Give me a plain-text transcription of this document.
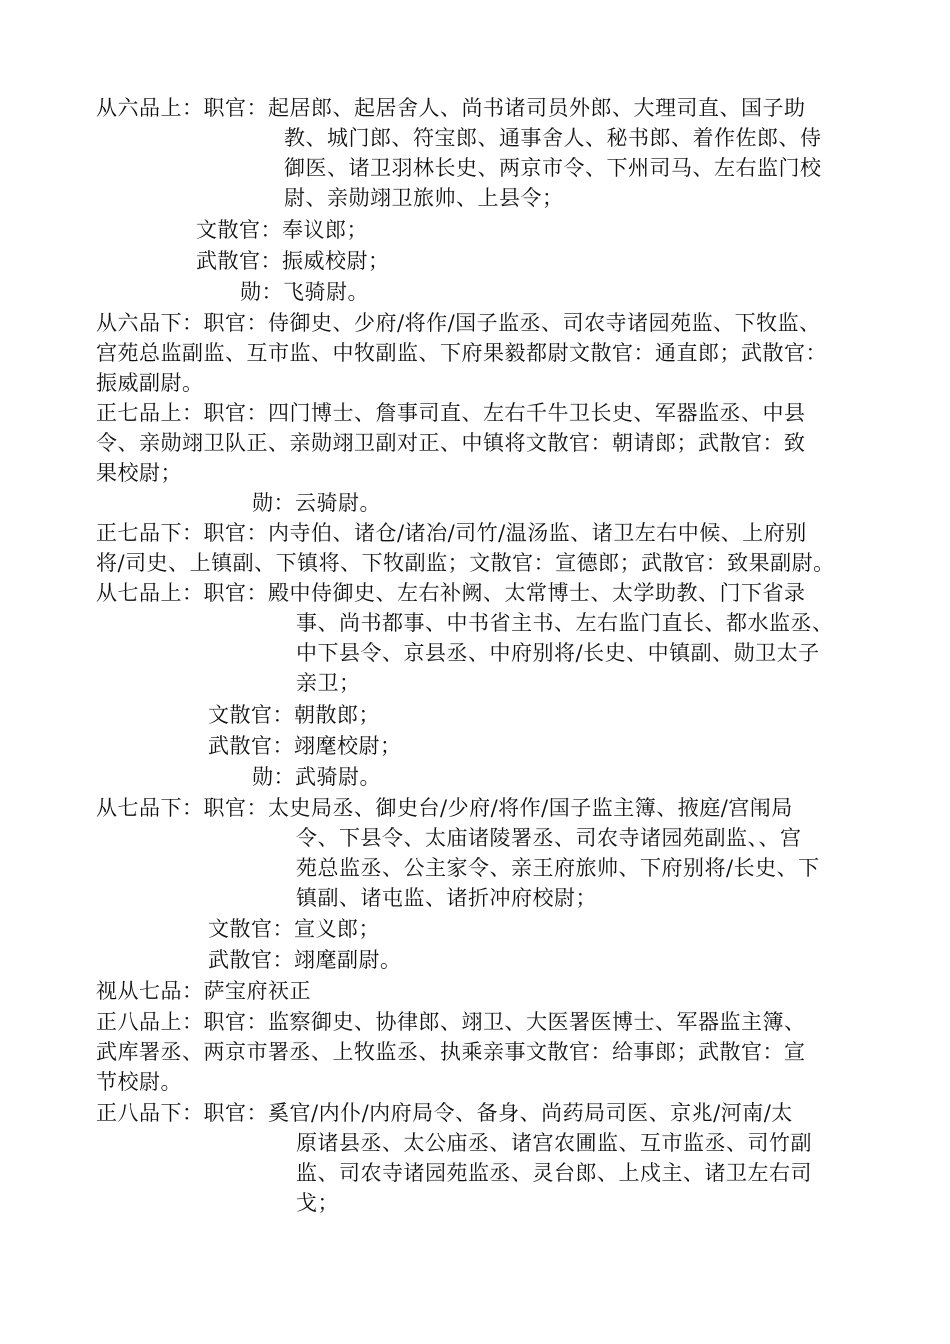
从六品上：职官：起居郎、起居舍人、尚书诸司员外郎、大理司直、国子助
教、城门郎、符宝郎、通事舍人、秘书郎、着作佐郎、侍
御医、诸卫羽林长史、两京市令、下州司马、左右监门校
尉、亲勋翊卫旅帅、上县令；
文散官：奉议郎；
武散官：振威校尉；
勋：飞骑尉。
从六品下：职官：侍御史、少府/将作/国子监丞、司农寺诸园苑监、下牧监、
宫苑总监副监、互市监、中牧副监、下府果毅都尉文散官：通直郎；武散官：
振威副尉。
正七品上：职官：四门博士、詹事司直、左右千牛卫长史、军器监丞、中县
令、亲勋翊卫队正、亲勋翊卫副对正、中镇将文散官：朝请郎；武散官：致
果校尉；
勋：云骑尉。
正七品下：职官：内寺伯、诸仓/诸冶/司竹/温汤监、诸卫左右中候、上府别
将/司史、上镇副、下镇将、下牧副监；文散官：宣德郎；武散官：致果副尉。
从七品上：职官：殿中侍御史、左右补阙、太常博士、太学助教、门下省录
事、尚书都事、中书省主书、左右监门直长、都水监丞、
中下县令、京县丞、中府别将/长史、中镇副、勋卫太子
亲卫；
文散官：朝散郎；
武散官：翊麾校尉；
勋：武骑尉。
从七品下：职官：太史局丞、御史台/少府/将作/国子监主簿、掖庭/宫闱局
令、下县令、太庙诸陵署丞、司农寺诸园苑副监、、宫
苑总监丞、公主家令、亲王府旅帅、下府别将/长史、下
镇副、诸屯监、诸折冲府校尉；
文散官：宣义郎；
武散官：翊麾副尉。
视从七品：萨宝府祆正
正八品上：职官：监察御史、协律郎、翊卫、大医署医博士、军器监主簿、
武库署丞、两京市署丞、上牧监丞、执乘亲事文散官：给事郎；武散官：宣
节校尉。
正八品下：职官：奚官/内仆/内府局令、备身、尚药局司医、京兆/河南/太
原诸县丞、太公庙丞、诸宫农圃监、互市监丞、司竹副
监、司农寺诸园苑监丞、灵台郎、上戍主、诸卫左右司
戈；
